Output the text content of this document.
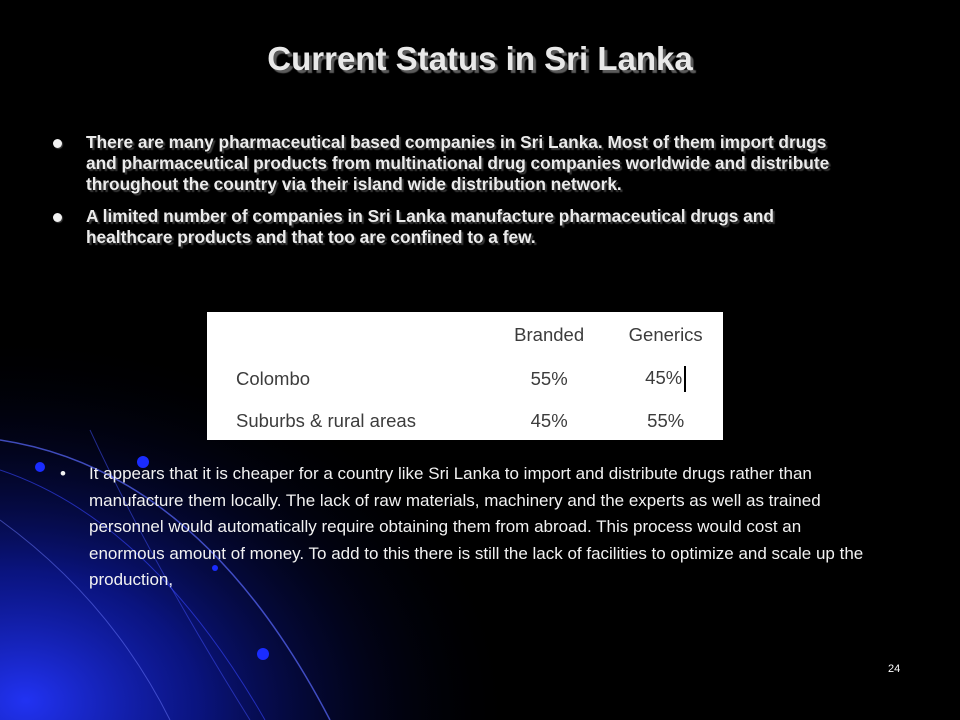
Current Status in Sri Lanka
There are many pharmaceutical based companies in Sri Lanka. Most of them import drugs and pharmaceutical products from multinational drug companies worldwide and distribute throughout the country via their island wide distribution network.
A limited number of companies in Sri Lanka manufacture pharmaceutical drugs and healthcare products and that too are confined to a few.
	Branded	Generics
Colombo	55%	45%
Suburbs & rural areas	45%	55%
• It appears that it is cheaper for a country like Sri Lanka to import and distribute drugs rather than manufacture them locally. The lack of raw materials, machinery and the experts as well as trained personnel would automatically require obtaining them from abroad. This process would cost an enormous amount of money. To add to this there is still the lack of facilities to optimize and scale up the production,
24
